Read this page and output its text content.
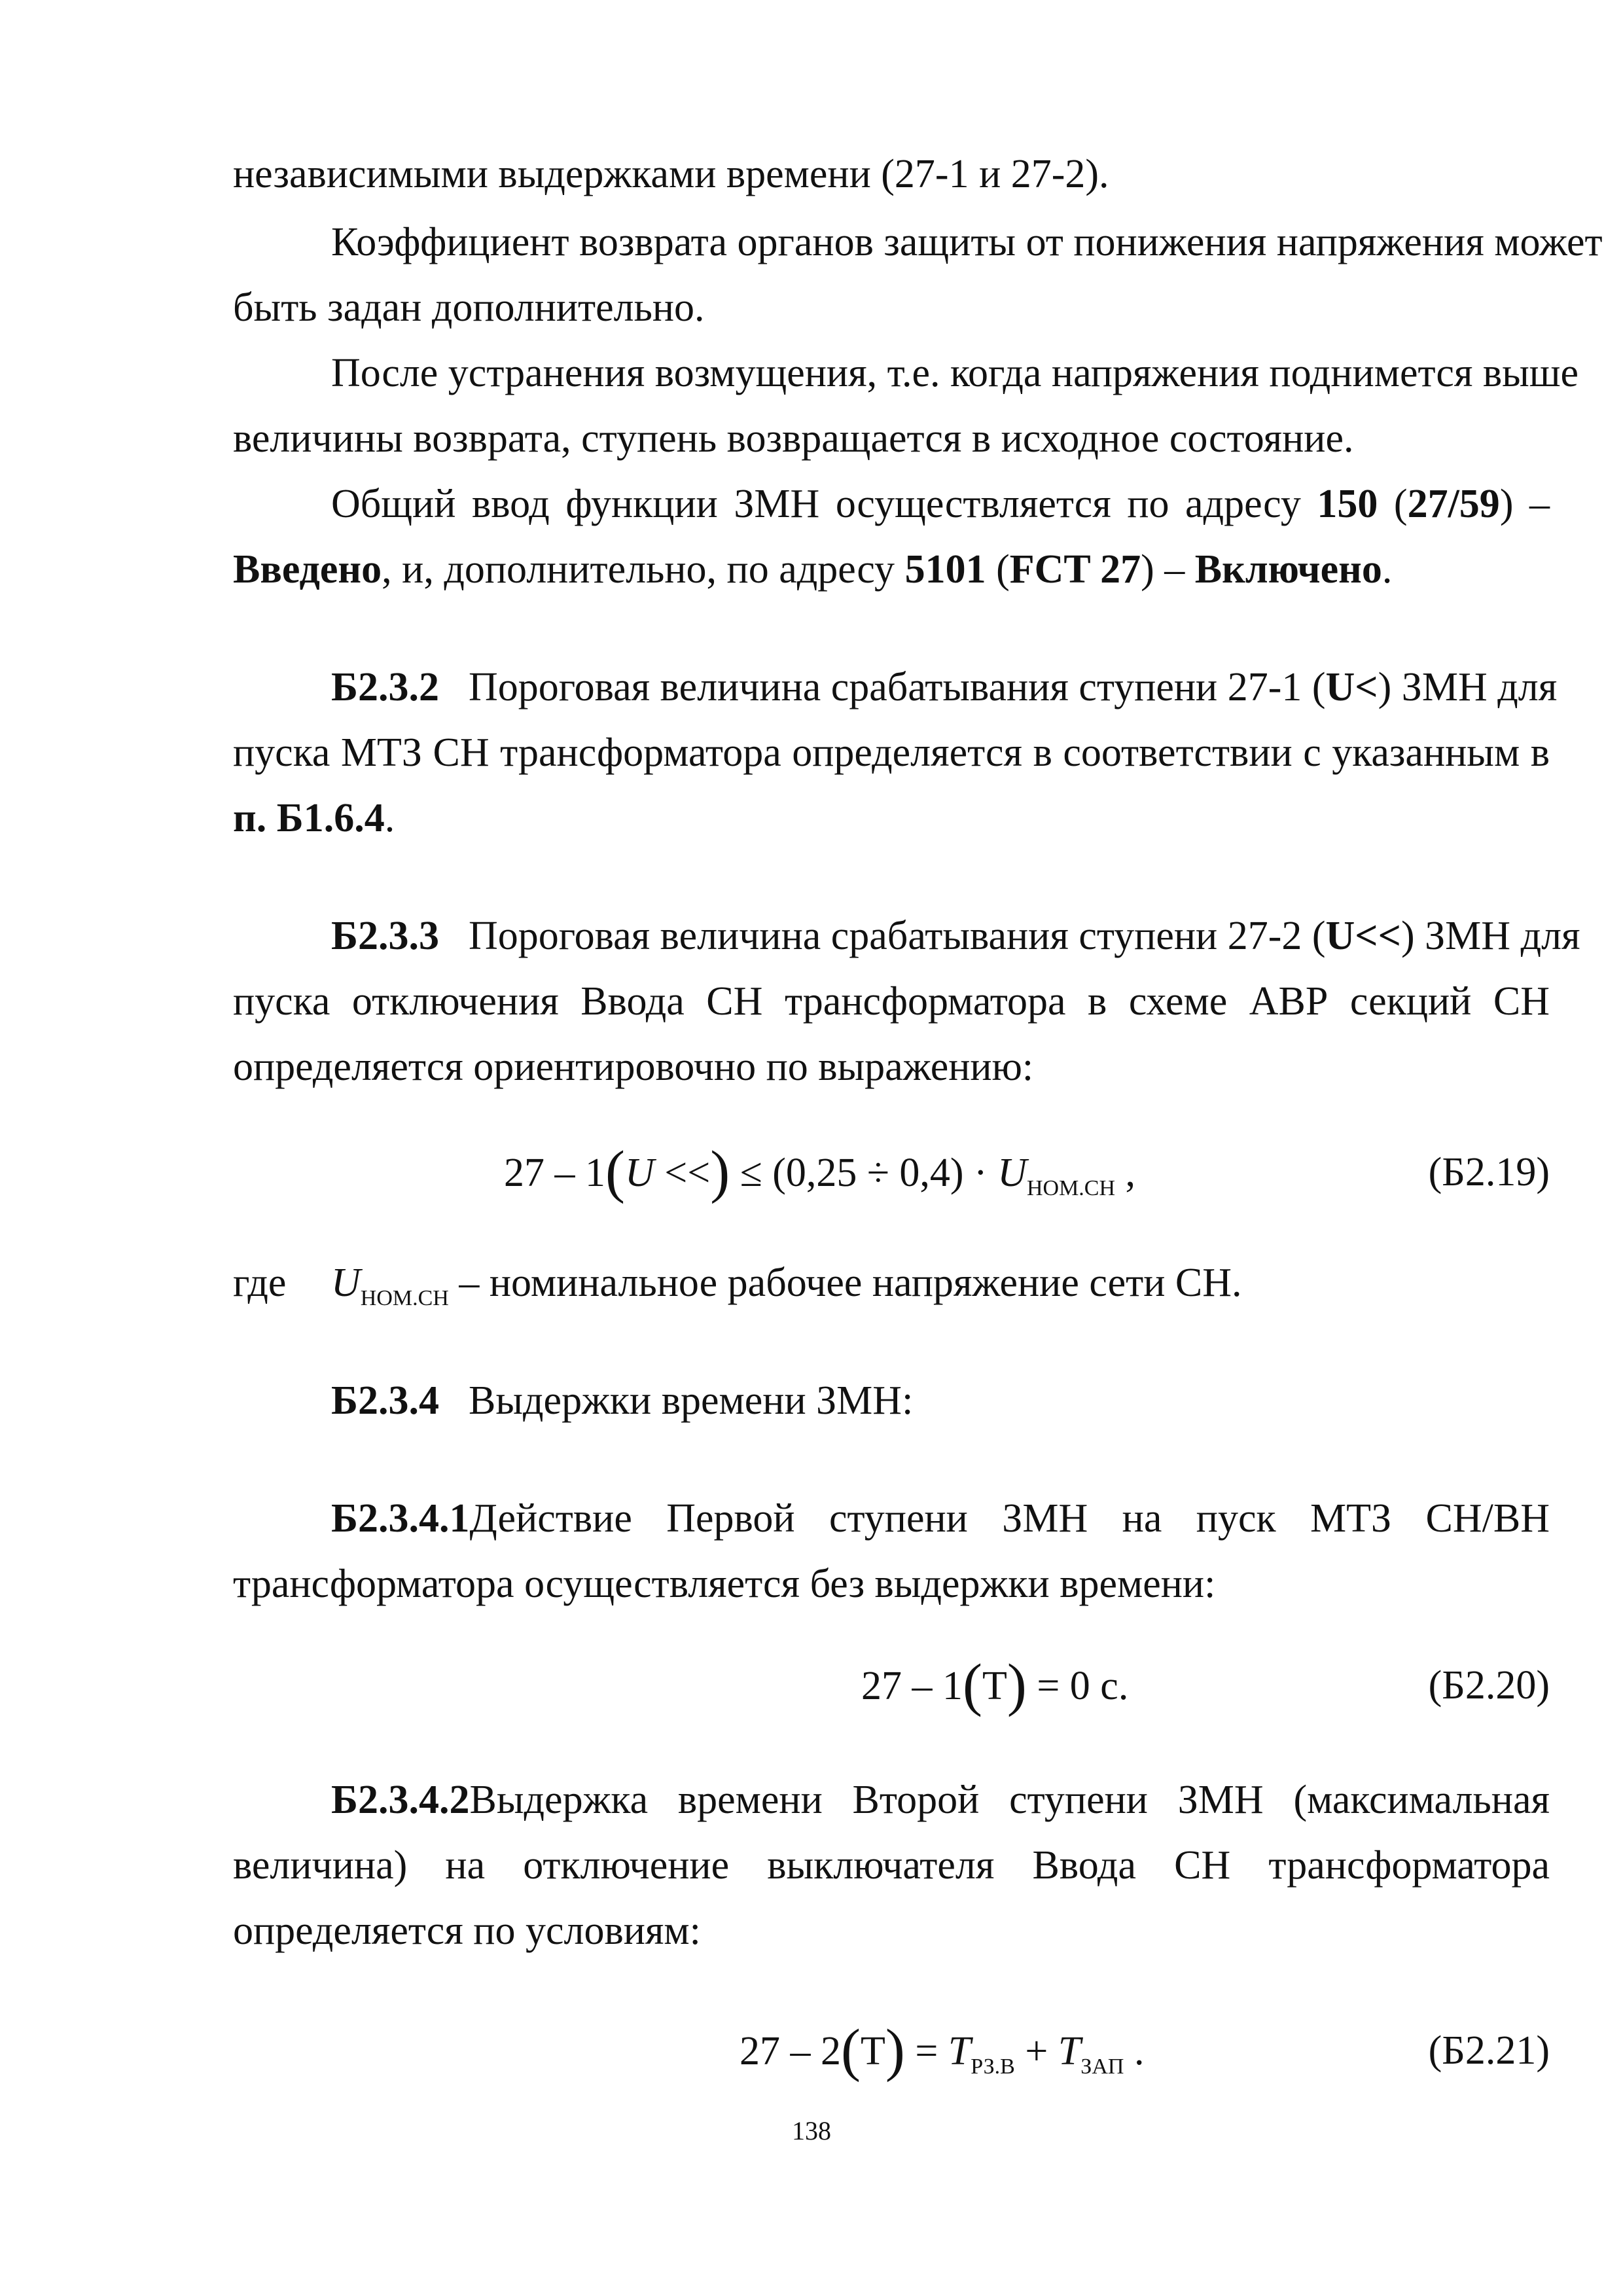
независимыми выдержками времени (27-1 и 27-2).
Коэффициент возврата органов защиты от понижения напряжения может
быть задан дополнительно.
После устранения возмущения, т.е. когда напряжения поднимется выше
величины возврата, ступень возвращается в исходное состояние.
Общий ввод функции ЗМН осуществляется по адресу 150 (27/59) –
Введено, и, дополнительно, по адресу 5101 (FCT 27) – Включено.
Б2.3.2 Пороговая величина срабатывания ступени 27-1 (U<) ЗМН для
пуска МТЗ СН трансформатора определяется в соответствии с указанным в
п. Б1.6.4.
Б2.3.3 Пороговая величина срабатывания ступени 27-2 (U<<) ЗМН для
пуска отключения Ввода СН трансформатора в схеме АВР секций СН
определяется ориентировочно по выражению:
27 – 1(U <<) ≤ $(0,25 \div 0,4) \cdot U_{НОМ.СН}$ ,	(Б2.19)
где $U_{НОМ.СН}$ – номинальное рабочее напряжение сети СН.
Б2.3.4 Выдержки времени ЗМН:
Б2.3.4.1Действие Первой ступени ЗМН на пуск МТЗ СН/ВН
трансформатора осуществляется без выдержки времени:
27 – 1(Т) = 0 с.	(Б2.20)
Б2.3.4.2Выдержка времени Второй ступени ЗМН (максимальная
величина) на отключение выключателя Ввода СН трансформатора
определяется по условиям:
$27 - 2(Т) = T_{РЗ.В} + T_{ЗАП}$ .	(Б2.21)
138
